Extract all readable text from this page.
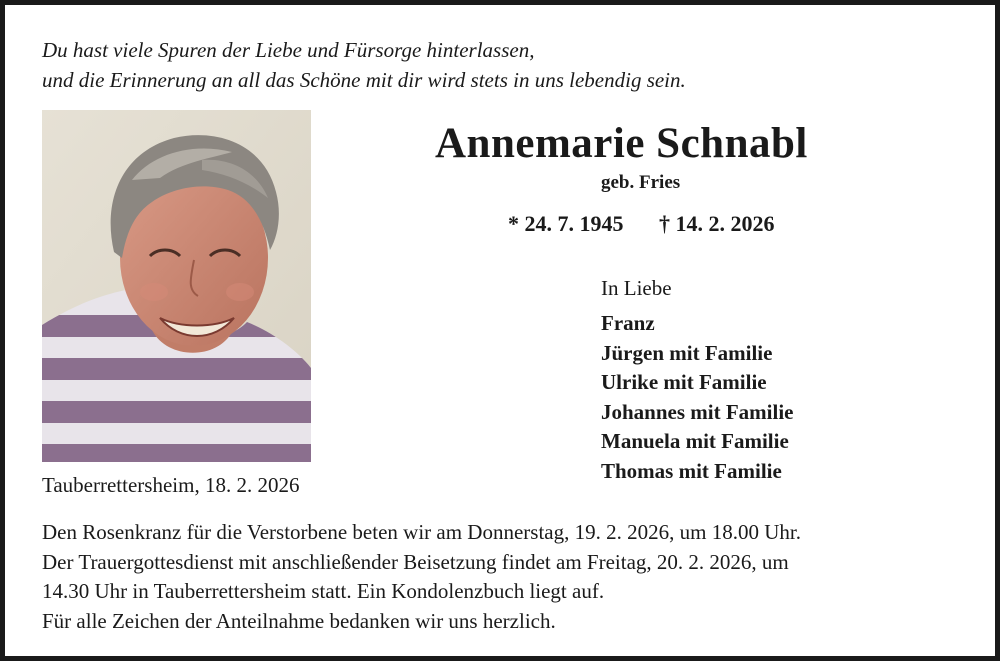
Du hast viele Spuren der Liebe und Fürsorge hinterlassen,
und die Erinnerung an all das Schöne mit dir wird stets in uns lebendig sein.
Tauberrettersheim, 18. 2. 2026
Annemarie Schnabl
geb. Fries
* 24. 7. 1945 † 14. 2. 2026
In Liebe
Franz
Jürgen mit Familie
Ulrike mit Familie
Johannes mit Familie
Manuela mit Familie
Thomas mit Familie
Den Rosenkranz für die Verstorbene beten wir am Donnerstag, 19. 2. 2026, um 18.00 Uhr.
Der Trauergottesdienst mit anschließender Beisetzung findet am Freitag, 20. 2. 2026, um
14.30 Uhr in Tauberrettersheim statt. Ein Kondolenzbuch liegt auf.
Für alle Zeichen der Anteilnahme bedanken wir uns herzlich.
